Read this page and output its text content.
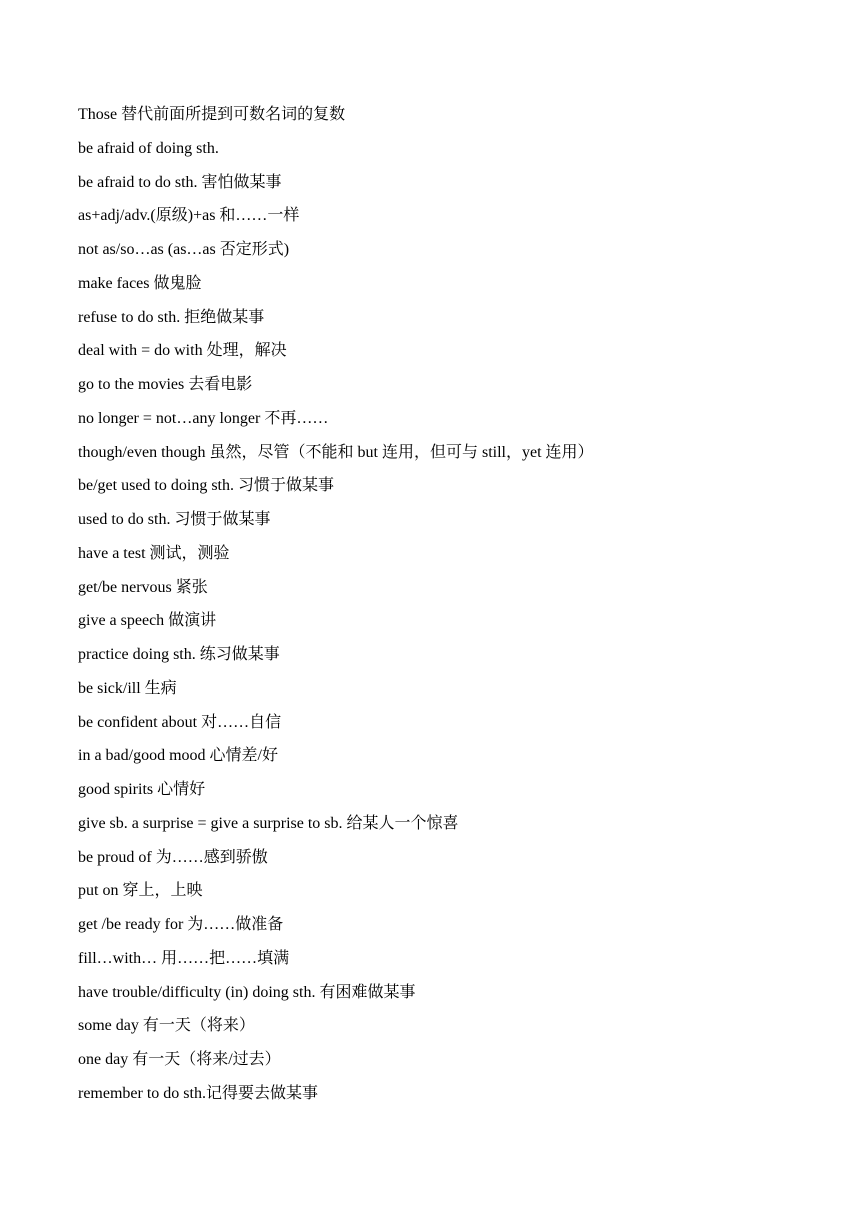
Those 替代前面所提到可数名词的复数
be afraid of doing sth.
be afraid to do sth. 害怕做某事
as+adj/adv.(原级)+as 和……一样
not as/so…as (as…as 否定形式)
make faces 做鬼脸
refuse to do sth. 拒绝做某事
deal with = do with 处理，解决
go to the movies 去看电影
no longer = not…any longer 不再……
though/even though 虽然，尽管（不能和 but 连用，但可与 still，yet 连用）
be/get used to doing sth. 习惯于做某事
used to do sth. 习惯于做某事
have a test 测试，测验
get/be nervous 紧张
give a speech 做演讲
practice doing sth. 练习做某事
be sick/ill 生病
be confident about 对……自信
in a bad/good mood 心情差/好
good spirits 心情好
give sb. a surprise = give a surprise to sb. 给某人一个惊喜
be proud of 为……感到骄傲
put on 穿上，上映
get /be ready for 为……做准备
fill…with… 用……把……填满
have trouble/difficulty (in) doing sth. 有困难做某事
some day 有一天（将来）
one day 有一天（将来/过去）
remember to do sth.记得要去做某事
